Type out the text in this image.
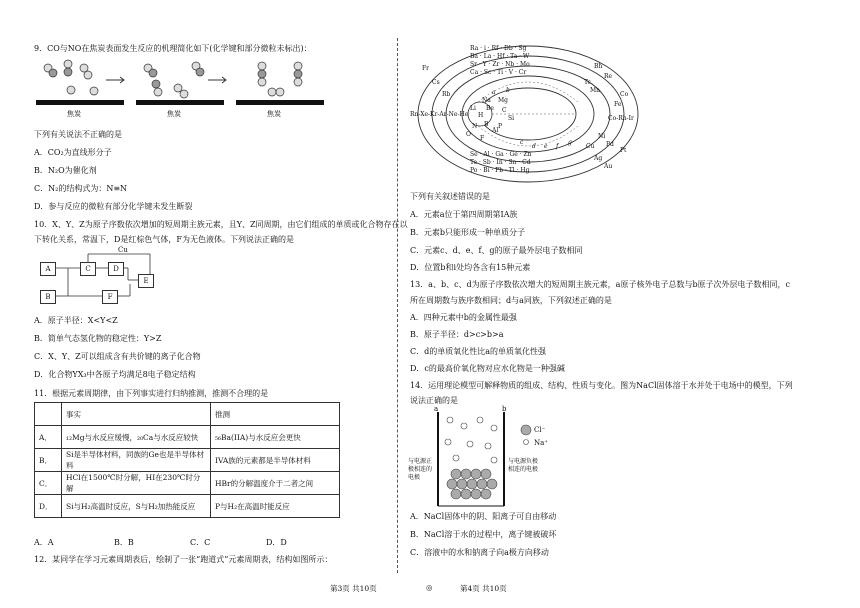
9．CO与NO在焦炭表面发生反应的机理简化如下(化学键和部分微粒未标出)：
焦炭	焦炭	焦炭
下列有关说法不正确的是
A．CO₂为直线形分子
B．N₂O为催化剂
C．N₂的结构式为：N≡N
D．参与反应的微粒有部分化学键未发生断裂
10．X、Y、Z为原子序数依次增加的短周期主族元素，且Y、Z同周期，由它们组成的单质或化合物存在以
下转化关系，常温下，D是红棕色气体，F为无色液体。下列说法正确的是
A
B
C	D
E
F
Cu
A．原子半径：X<Y<Z
B．简单气态氢化物的稳定性：Y>Z
C．X、Y、Z可以组成含有共价键的离子化合物
D．化合物YX₃中各原子均满足8电子稳定结构
11．根据元素周期律，由下列事实进行归纳推测，推测不合理的是
	事实	推测
A．	₁₂Mg与水反应缓慢，₂₀Ca与水反应较快	₅₆Ba(IIA)与水反应会更快
B．	Si是半导体材料，同族的Ge也是半导体材料	IVA族的元素都是半导体材料
C．	HCl在1500℃时分解，HI在230℃时分解	HBr的分解温度介于二者之间
D．	Si与H₂高温时反应，S与H₂加热能反应	P与H₂在高温时能反应
A．A	B．B	C．C	D．D
12．某同学在学习元素周期表后，绘制了一张“跑道式”元素周期表，结构如图所示：
第3页 共10页	◎	第4页 共10页
Ra · i · Rf · Db · Sg
Ba · La · Hf · Ta · W
Sr · Y · Zr · Nb · Mo
Ca · Sc · Ti · V · Cr
Se · Al · Ga · Ge · Zn
Te · Sb · In · Sn · Cd
Po · Bi · Pb · Tl · Hg
Fr
Cs
Rb
Rn-Xe-Kr-Ar-Ne-He
Bh
Re
Tc
Mn
Co
Fe
Co-Rh-Ir
Ni
Pd
Pt
Cu
Ag
Au
Na Mg
Al
Li Be
B
C
Si
P
N
O
F
H
a b
c
d e f
g
下列有关叙述错误的是
A．元素a位于第四周期第IA族
B．元素b只能形成一种单质分子
C．元素c、d、e、f、g的原子最外层电子数相同
D．位置b和i处均各含有15种元素
13．a、b、c、d为原子序数依次增大的短周期主族元素，a原子核外电子总数与b原子次外层电子数相同，c
所在周期数与族序数相同；d与a同族，下列叙述正确的是
A．四种元素中b的金属性最强
B．原子半径：d>c>b>a
C．d的单质氧化性比a的单质氧化性强
D．c的最高价氧化物对应水化物是一种强碱
14．运用理论模型可解释物质的组成、结构、性质与变化。图为NaCl固体溶于水并处于电场中的模型，下列
说法正确的是
a	b
Cl⁻
Na⁺
与电源正极相连的电极
与电源负极相连的电极
A．NaCl固体中的阴、阳离子可自由移动
B．NaCl溶于水的过程中，离子键被破坏
C．溶液中的水和钠离子向a极方向移动
